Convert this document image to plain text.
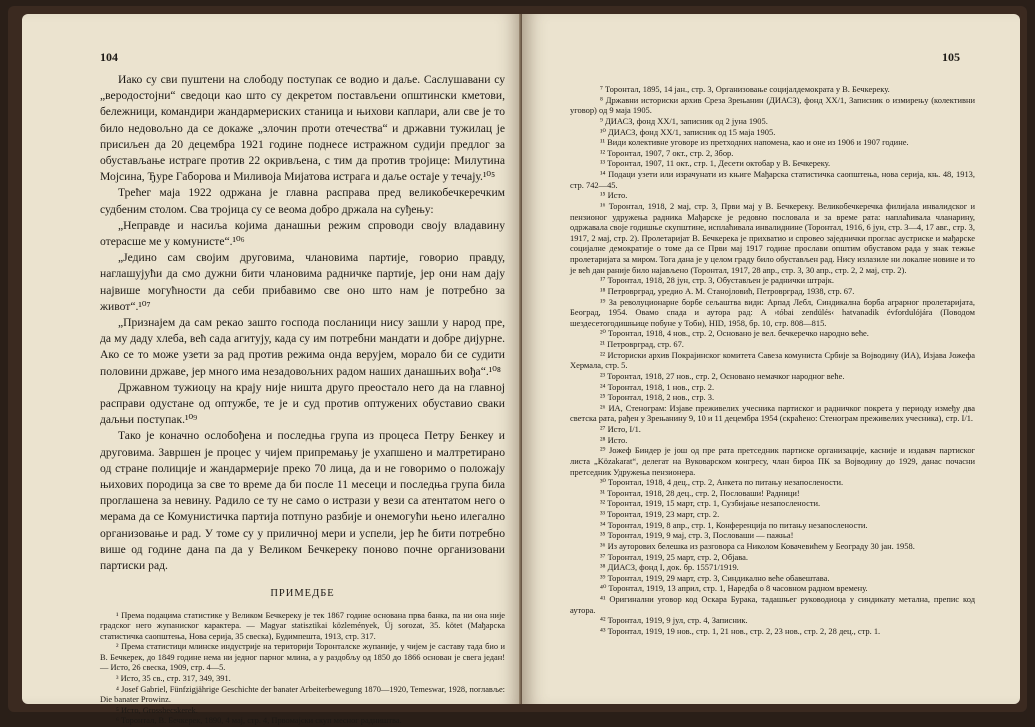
104

Иако су сви пуштени на слободу поступак се водио и даље. Саслушавани су „веродостојни“ сведоци као што су декретом постављени општински кметови, бележници, командири жандармериских станица и њихови каплари, али све је то било недовољно да се докаже „злочин проти отечества“ и државни тужилац је присиљен да 20 децембра 1921 године поднесе истражном судији предлог за обустављање истраге против 22 окривљена, с тим да против тројице: Милутина Мојсина, Ђуре Габорова и Миливоја Мијатова истрага и даље остаје у течају.¹⁰⁵

Трећег маја 1922 одржана је главна расправа пред великобечкеречким судбеним столом. Сва тројица су се веома добро држала на суђењу:

„Неправде и насиља којима данашњи режим спроводи своју владавину отерасше ме у комунисте“.¹⁰⁶

„Једино сам својим друговима, члановима партије, говорио правду, наглашујући да смо дужни бити члановима радничке партије, јер они нам дају највише могућности да себи прибавимо све оно што нам је потребно за живот“.¹⁰⁷

„Признајем да сам рекао зашто господа посланици нису зашли у народ пре, да му даду хлеба, већ сада агитују, када су им потребни мандати и добре дијурне. Ако се то може узети за рад против режима онда верујем, морало би се судити половини државе, јер много има незадовољних радом наших данашњих вођа“.¹⁰⁸

Државном тужиоцу на крају није ништа друго преостало него да на главној расправи одустане од оптужбе, те је и суд против оптужених обуставио сваки даљњи поступак.¹⁰⁹

Тако је коначно ослобођена и последња група из процеса Петру Бенкеу и друговима. Завршен је процес у чијем припремању је ухапшено и малтретирано од стране полиције и жандармерије преко 70 лица, да и не говоримо о положају њихових породица за све то време да би после 11 месеци и последња група била проглашена за невину. Радило се ту не само о истрази у вези са атентатом него о мерама да се Комунистичка партија потпуно разбије и онемогући њено илегално организовање и рад. У томе су у приличној мери и успели, јер ће бити потребно више од године дана па да у Великом Бечкереку поново почне организовани партиски рад.

ПРИМЕДБЕ

¹ Према подацима статистике у Великом Бечкереку је тек 1867 године основана прва банка, па ни она није градског него жупаниског карактера. — Magyar statisztikai közlemények, Új sorozat, 35. kötet (Мађарска статистичка саопштења, Нова серија, 35 свеска), Будимпешта, 1913, стр. 317.

² Према статистици млинске индустрије на територији Торонталске жупаније, у чијем је саставу тада био и В. Бечкерек, до 1849 године нема ни једног парног млина, а у раздобљу од 1850 до 1866 основан је свега један! — Исто, 26 свеска, 1909, стр. 4—5.

³ Исто, 35 св., стр. 317, 349, 391.

⁴ Josef Gabriel, Fünfzigjährige Geschichte der banater Arbeiterbewegung 1870—1920, Temeswar, 1928, поглавље: Die banater Prowinz.

⁵ Исто, Grossbecskerek.

⁶ Торонтал, В. Бечкерек, 1890, 4 мај, стр. 4, Првомајски скуп месног радништва.

105

⁷ Торонтал, 1895, 14 јан., стр. 3, Организовање социјалдемократа у В. Бечкереку.

⁸ Државни историски архив Среза Зрењанин (ДИАСЗ), фонд XX/1, Записник о измирењу (колективни уговор) од 9 маја 1905.

⁹ ДИАСЗ, фонд XX/1, записник од 2 јуна 1905.

¹⁰ ДИАСЗ, фонд XX/1, записник од 15 маја 1905.

¹¹ Види колективне уговоре из претходних напомена, као и оне из 1906 и 1907 године.

¹² Торонтал, 1907, 7 окт., стр. 2, Збор.

¹³ Торонтал, 1907, 11 окт., стр. 1, Десети октобар у В. Бечкереку.

¹⁴ Подаци узети или израчунати из књиге Мађарска статистичка саопштења, нова серија, књ. 48, 1913, стр. 742—45.

¹⁵ Исто.

¹⁶ Торонтал, 1918, 2 мај, стр. 3, Први мај у В. Бечкереку. Великобечкеречка филијала инвалидског и пензионог удружења радника Мађарске је редовно пословала и за време рата: наплаћивала чланарину, одржавала своје годишње скупштине, исплаћивала инвалиднине (Торонтал, 1916, 6 јун, стр. 3—4, 17 авг., стр. 3, 1917, 2 мај, стр. 2). Пролетаријат В. Бечкерека је прихватио и спровео заједнички проглас аустриске и мађарске социјалне демократије о томе да се Први мај 1917 године прослави општим обуставом рада у знак тежње пролетаријата за миром. Тога дана је у целом граду било обустављен рад. Нису излазиле ни локалне новине и то је већ дан раније било најављено (Торонтал, 1917, 28 апр., стр. 3, 30 апр., стр. 2, 2 мај, стр. 2).

¹⁷ Торонтал, 1918, 28 јун, стр. 3, Обустављен је раднички штрајк.

¹⁸ Петроврград, уредио А. М. Станојловић, Петроврград, 1938, стр. 67.

¹⁹ За револуционарне борбе сељаштва види: Арпад Лебл, Синдикална борба аграрног пролетаријата, Београд, 1954. Овамо спада и аутора рад: A ›tóbai zendülés‹ hatvanadik évfordulójára (Поводом шездесетогодишњице побуне у Тоби), HID, 1958, бр. 10, стр. 808—815.

²⁰ Торонтал, 1918, 4 нов., стр. 2, Основано је вел. бечкеречко народно веће.

²¹ Петроврград, стр. 67.

²² Историски архив Покрајинског комитета Савеза комуниста Србије за Војводину (ИА), Изјава Јожефа Хермала, стр. 5.

²³ Торонтал, 1918, 27 нов., стр. 2, Основано немачког народног веће.

²⁴ Торонтал, 1918, 1 нов., стр. 2.

²⁵ Торонтал, 1918, 2 нов., стр. 3.

²⁶ ИА, Стенограм: Изјаве преживелих учесника партиског и радничког покрета у периоду између два светска рата, рађен у Зрењанину 9, 10 и 11 децембра 1954 (скраћено: Стенограм преживелих учесника), стр. I/1.

²⁷ Исто, I/1.

²⁸ Исто.

²⁹ Јожеф Биндер је још од пре рата претседник партиске организације, касније и издавач партиског листа „Közakarat“, делегат на Вуковарском конгресу, члан бироа ПК за Војводину до 1929, данас почасни претседник Удружења пензионера.

³⁰ Торонтал, 1918, 4 дец., стр. 2, Анкета по питању незапослености.

³¹ Торонтал, 1918, 28 дец., стр. 2, Пословаши! Радници!

³² Торонтал, 1919, 15 март, стр. 1, Сузбијање незапослености.

³³ Торонтал, 1919, 23 март, стр. 2.

³⁴ Торонтал, 1919, 8 апр., стр. 1, Конференција по питању незапослености.

³⁵ Торонтал, 1919, 9 мај, стр. 3, Пословаши — пажња!

³⁶ Из ауторових белешка из разговора са Николом Ковачевићем у Београду 30 јан. 1958.

³⁷ Торонтал, 1919, 25 март, стр. 2, Објава.

³⁸ ДИАСЗ, фонд I, док. бр. 15571/1919.

³⁹ Торонтал, 1919, 29 март, стр. 3, Синдикално веће обавештава.

⁴⁰ Торонтал, 1919, 13 април, стр. 1, Наредба о 8 часовном радном времену.

⁴¹ Оригинални уговор код Оскара Бурака, тадашњег руководиоца у синдикату метална, препис код аутора.

⁴² Торонтал, 1919, 9 јул, стр. 4, Записник.

⁴³ Торонтал, 1919, 19 нов., стр. 1, 21 нов., стр. 2, 23 нов., стр. 2, 28 дец., стр. 1.
